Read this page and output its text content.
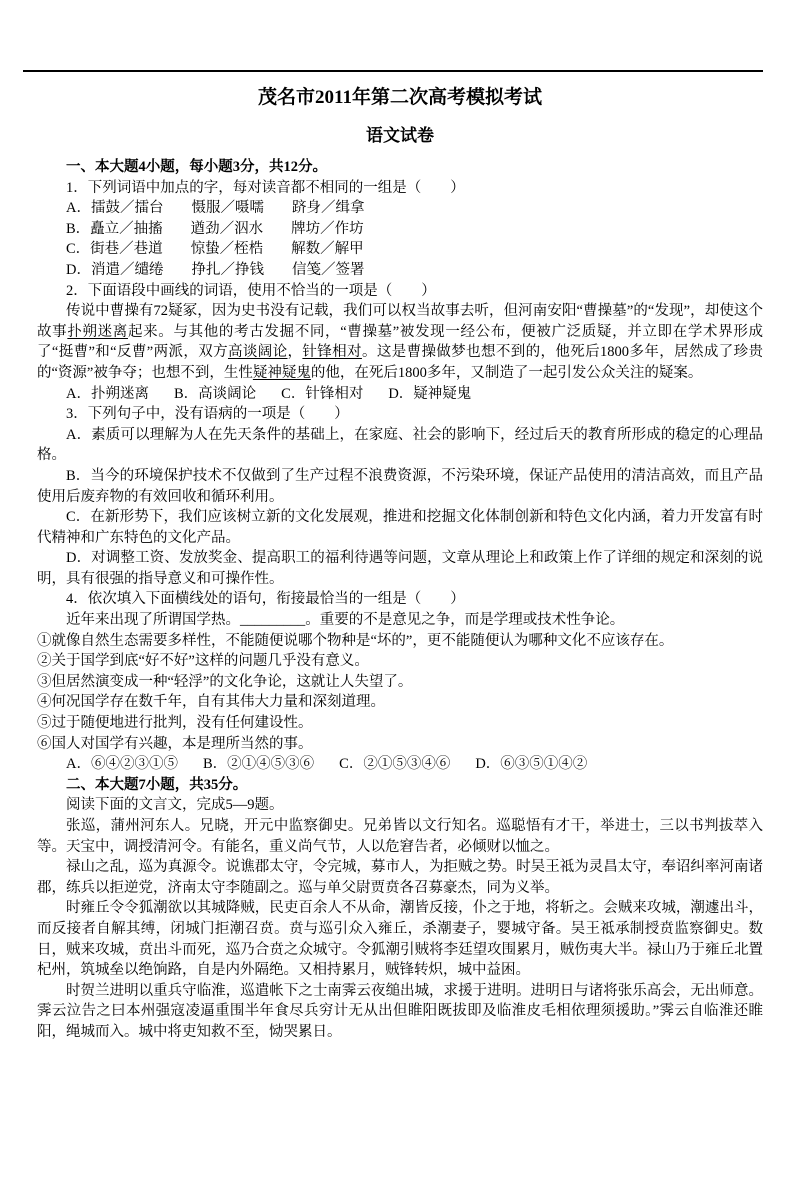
茂名市2011年第二次高考模拟考试
语文试卷

一、本大题4小题，每小题3分，共12分。

1．下列词语中加点的字，每对读音都不相同的一组是（　　）

A．擂鼓／擂台 慑服／嗫嚅 跻身／缉拿

B．矗立／抽搐 遒劲／泅水 牌坊／作坊

C．街巷／巷道 惊蛰／桎梏 解数／解甲

D．消遣／缱绻 挣扎／挣钱 信笺／签署

2．下面语段中画线的词语，使用不恰当的一项是（　　）

传说中曹操有72疑冢，因为史书没有记载，我们可以权当故事去听，但河南安阳“曹操墓”的“发现”，却使这个故事扑朔迷离起来。与其他的考古发掘不同，“曹操墓”被发现一经公布，便被广泛质疑，并立即在学术界形成了“挺曹”和“反曹”两派，双方高谈阔论，针锋相对。这是曹操做梦也想不到的，他死后1800多年，居然成了珍贵的“资源”被争夺；也想不到，生性疑神疑鬼的他，在死后1800多年，又制造了一起引发公众关注的疑案。

A．扑朔迷离 B．高谈阔论 C．针锋相对 D．疑神疑鬼

3．下列句子中，没有语病的一项是（　　）

A．素质可以理解为人在先天条件的基础上，在家庭、社会的影响下，经过后天的教育所形成的稳定的心理品格。

B．当今的环境保护技术不仅做到了生产过程不浪费资源，不污染环境，保证产品使用的清洁高效，而且产品使用后废弃物的有效回收和循环利用。

C．在新形势下，我们应该树立新的文化发展观，推进和挖掘文化体制创新和特色文化内涵，着力开发富有时代精神和广东特色的文化产品。

D．对调整工资、发放奖金、提高职工的福利待遇等问题，文章从理论上和政策上作了详细的规定和深刻的说明，具有很强的指导意义和可操作性。

4．依次填入下面横线处的语句，衔接最恰当的一组是（　　）

近年来出现了所谓国学热。_________。重要的不是意见之争，而是学理或技术性争论。

①就像自然生态需要多样性，不能随便说哪个物种是“坏的”，更不能随便认为哪种文化不应该存在。

②关于国学到底“好不好”这样的问题几乎没有意义。

③但居然演变成一种“轻浮”的文化争论，这就让人失望了。

④何况国学存在数千年，自有其伟大力量和深刻道理。

⑤过于随便地进行批判，没有任何建设性。

⑥国人对国学有兴趣，本是理所当然的事。

A．⑥④②③①⑤ B．②①④⑤③⑥ C．②①⑤③④⑥ D．⑥③⑤①④②

二、本大题7小题，共35分。

阅读下面的文言文，完成5—9题。

张巡，蒲州河东人。兄晓，开元中监察御史。兄弟皆以文行知名。巡聪悟有才干，举进士，三以书判拔萃入等。天宝中，调授清河令。有能名，重义尚气节，人以危窘告者，必倾财以恤之。

禄山之乱，巡为真源令。说谯郡太守，令完城，募市人，为拒贼之势。时吴王祗为灵昌太守，奉诏纠率河南诸郡，练兵以拒逆党，济南太守李随副之。巡与单父尉贾贲各召募豪杰，同为义举。

时雍丘令令狐潮欲以其城降贼，民吏百余人不从命，潮皆反接，仆之于地，将斩之。会贼来攻城，潮遽出斗，而反接者自解其缚，闭城门拒潮召贲。贲与巡引众入雍丘，杀潮妻子，婴城守备。吴王祗承制授贲监察御史。数日，贼来攻城，贲出斗而死，巡乃合贲之众城守。令狐潮引贼将李廷望攻围累月，贼伤夷大半。禄山乃于雍丘北置杞州，筑城垒以绝饷路，自是内外隔绝。又相持累月，贼锋转炽，城中益困。

时贺兰进明以重兵守临淮，巡遣帐下之士南霁云夜缒出城，求援于进明。进明日与诸将张乐高会，无出师意。霁云泣告之曰本州强寇凌逼重围半年食尽兵穷计无从出但睢阳既拔即及临淮皮毛相依理须援助。”霁云自临淮还睢阳，绳城而入。城中将吏知救不至，恸哭累日。
